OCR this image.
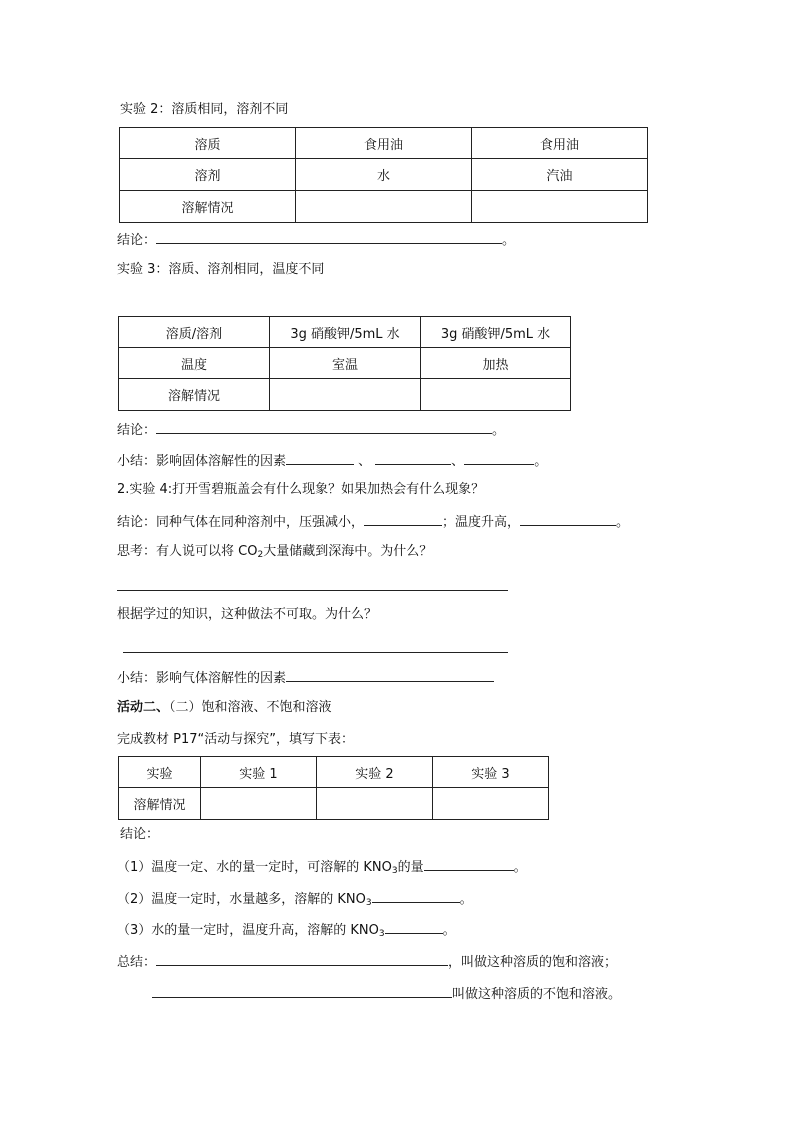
实验 2：溶质相同，溶剂不同
溶质	食用油	食用油
溶剂	水	汽油
溶解情况		
结论：	。
实验 3：溶质、溶剂相同，温度不同
溶质/溶剂	3g 硝酸钾/5mL 水	3g 硝酸钾/5mL 水
温度	室温	加热
溶解情况		
结论：	。
小结：影响固体溶解性的因素	、	、	。
2.实验 4:打开雪碧瓶盖会有什么现象？如果加热会有什么现象？
结论：同种气体在同种溶剂中，压强减小，	；温度升高，	。
思考：有人说可以将 $CO_2$大量储藏到深海中。为什么？
根据学过的知识，这种做法不可取。为什么？
小结：影响气体溶解性的因素
活动二、（二）饱和溶液、不饱和溶液
完成教材 P17“活动与探究”，填写下表：
实验	实验 1	实验 2	实验 3
溶解情况			
结论：
（1）温度一定、水的量一定时，可溶解的 $KNO_3$的量	。
（2）温度一定时，水量越多，溶解的 $KNO_3$	。
（3）水的量一定时，温度升高，溶解的 $KNO_3$	。
总结：	，叫做这种溶质的饱和溶液；
叫做这种溶质的不饱和溶液。
